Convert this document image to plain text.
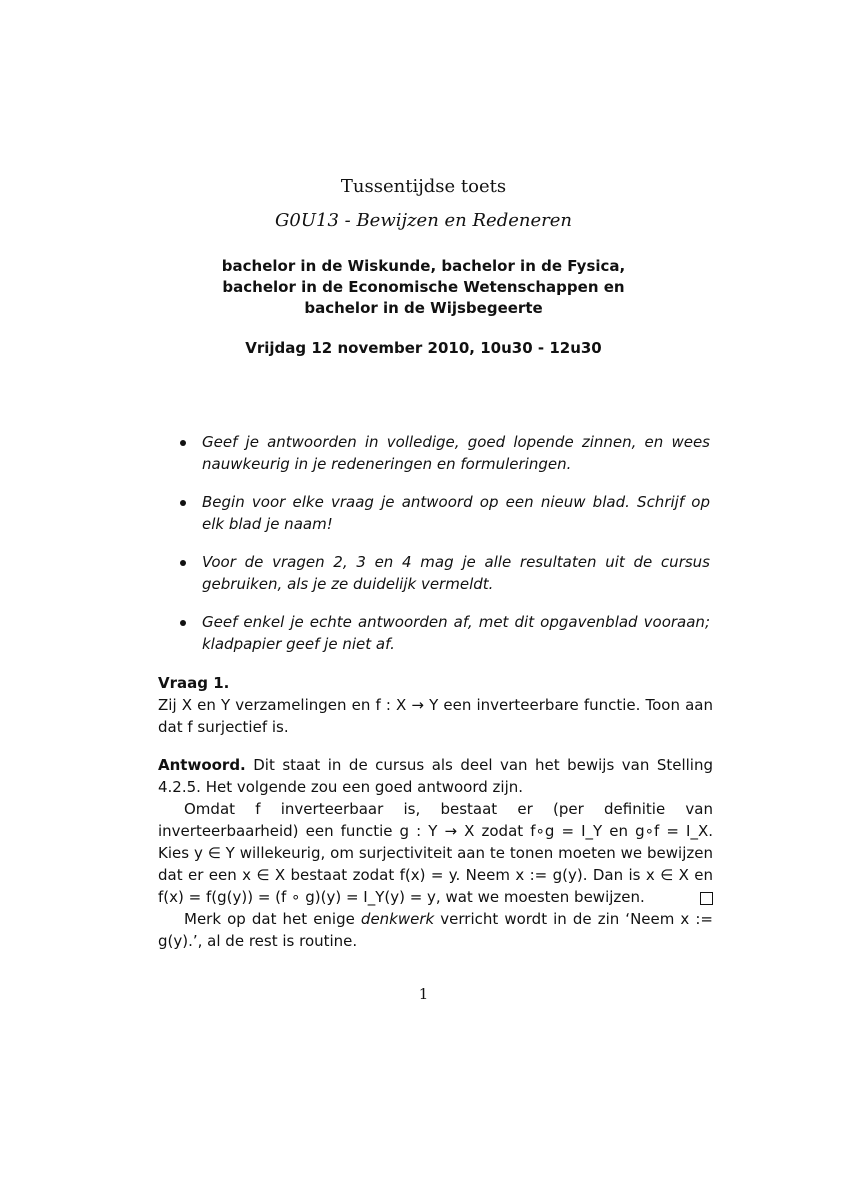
Tussentijdse toets
G0U13 - Bewijzen en Redeneren
bachelor in de Wiskunde, bachelor in de Fysica,
bachelor in de Economische Wetenschappen en
bachelor in de Wijsbegeerte
Vrijdag 12 november 2010, 10u30 - 12u30
Geef je antwoorden in volledige, goed lopende zinnen, en wees nauwkeurig in je redeneringen en formuleringen.
Begin voor elke vraag je antwoord op een nieuw blad. Schrijf op elk blad je naam!
Voor de vragen 2, 3 en 4 mag je alle resultaten uit de cursus gebruiken, als je ze duidelijk vermeldt.
Geef enkel je echte antwoorden af, met dit opgavenblad vooraan; kladpapier geef je niet af.
Vraag 1.

Zij X en Y verzamelingen en f : X → Y een inverteerbare functie. Toon aan dat f surjectief is.

Antwoord. Dit staat in de cursus als deel van het bewijs van Stelling 4.2.5. Het volgende zou een goed antwoord zijn.

Omdat f inverteerbaar is, bestaat er (per definitie van inverteerbaarheid) een functie g : Y → X zodat f∘g = I_Y en g∘f = I_X. Kies y ∈ Y willekeurig, om surjectiviteit aan te tonen moeten we bewijzen dat er een x ∈ X bestaat zodat f(x) = y. Neem x := g(y). Dan is x ∈ X en f(x) = f(g(y)) = (f ∘ g)(y) = I_Y(y) = y, wat we moesten bewijzen.

Merk op dat het enige denkwerk verricht wordt in de zin ‘Neem x := g(y).’, al de rest is routine.

1
